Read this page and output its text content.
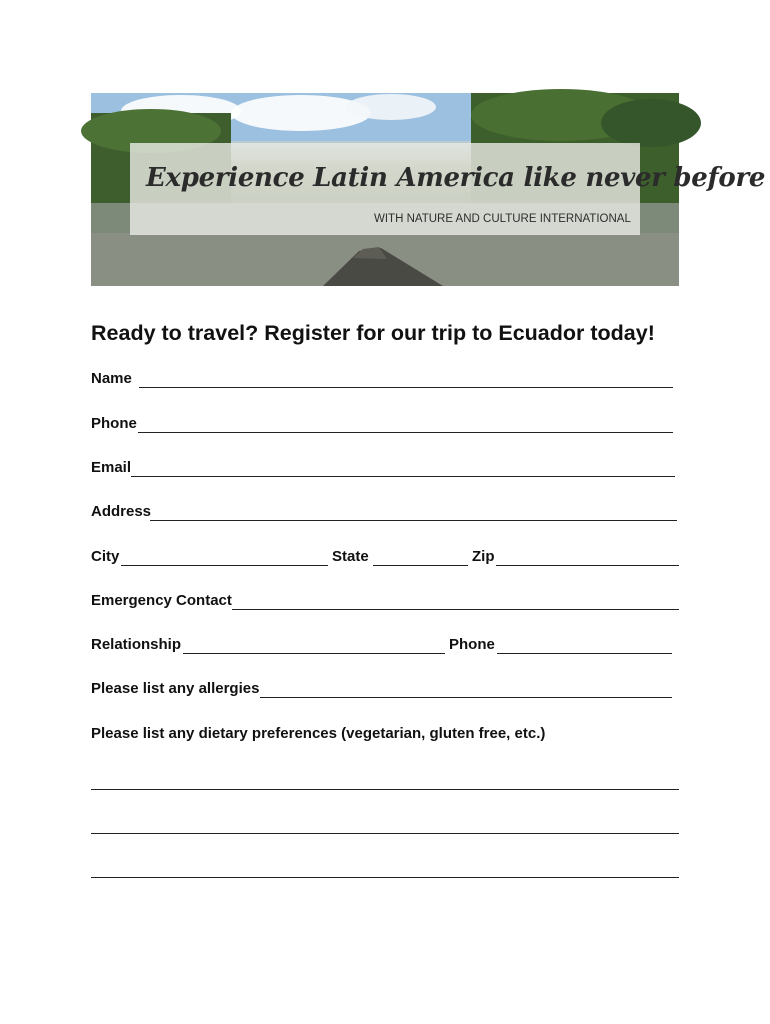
Experience Latin America like never before
WITH NATURE AND CULTURE INTERNATIONAL
Ready to travel? Register for our trip to Ecuador today!
Name
Phone
Email
Address
City	State	Zip
Emergency Contact
Relationship	Phone
Please list any allergies
Please list any dietary preferences (vegetarian, gluten free, etc.)
